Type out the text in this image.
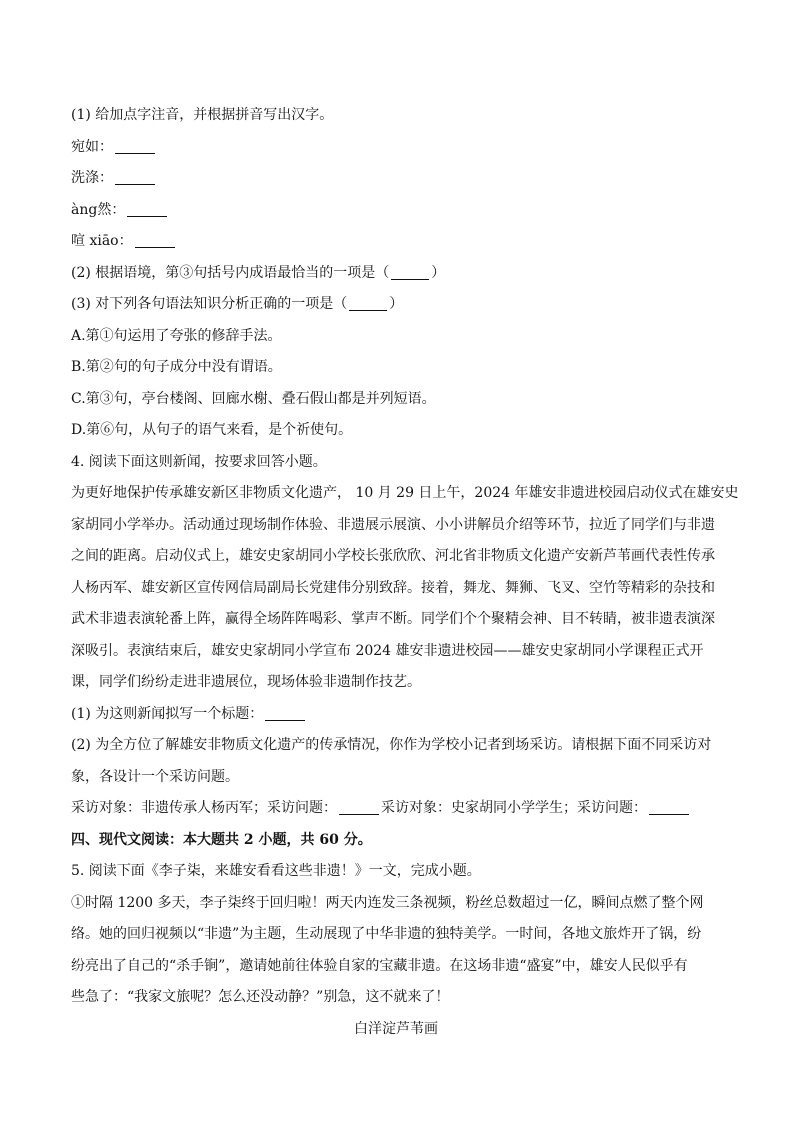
(1) 给加点字注音，并根据拼音写出汉字。
宛如：
洗涤：
àng然：
喧 xiāo：
(2) 根据语境，第③句括号内成语最恰当的一项是（	）
(3) 对下列各句语法知识分析正确的一项是（	）
A.第①句运用了夸张的修辞手法。
B.第②句的句子成分中没有谓语。
C.第③句，亭台楼阁、回廊水榭、叠石假山都是并列短语。
D.第⑥句，从句子的语气来看，是个祈使句。
4. 阅读下面这则新闻，按要求回答小题。
为更好地保护传承雄安新区非物质文化遗产， 10 月 29 日上午，2024 年雄安非遗进校园启动仪式在雄安史
家胡同小学举办。活动通过现场制作体验、非遗展示展演、小小讲解员介绍等环节，拉近了同学们与非遗
之间的距离。启动仪式上，雄安史家胡同小学校长张欣欣、河北省非物质文化遗产安新芦苇画代表性传承
人杨丙军、雄安新区宣传网信局副局长党建伟分别致辞。接着，舞龙、舞狮、飞叉、空竹等精彩的杂技和
武术非遗表演轮番上阵，赢得全场阵阵喝彩、掌声不断。同学们个个聚精会神、目不转睛，被非遗表演深
深吸引。表演结束后，雄安史家胡同小学宣布 2024 雄安非遗进校园——雄安史家胡同小学课程正式开
课，同学们纷纷走进非遗展位，现场体验非遗制作技艺。
(1) 为这则新闻拟写一个标题：
(2) 为全方位了解雄安非物质文化遗产的传承情况，你作为学校小记者到场采访。请根据下面不同采访对
象，各设计一个采访问题。
采访对象：非遗传承人杨丙军；采访问题：	采访对象：史家胡同小学学生；采访问题：
四、现代文阅读：本大题共 2 小题，共 60 分。
5. 阅读下面《李子柒，来雄安看看这些非遗！》一文，完成小题。
①时隔 1200 多天，李子柒终于回归啦！两天内连发三条视频，粉丝总数超过一亿，瞬间点燃了整个网
络。她的回归视频以“非遗”为主题，生动展现了中华非遗的独特美学。一时间，各地文旅炸开了锅，纷
纷亮出了自己的“杀手锏”，邀请她前往体验自家的宝藏非遗。在这场非遗“盛宴”中，雄安人民似乎有
些急了：“我家文旅呢？怎么还没动静？”别急，这不就来了！
白洋淀芦苇画
